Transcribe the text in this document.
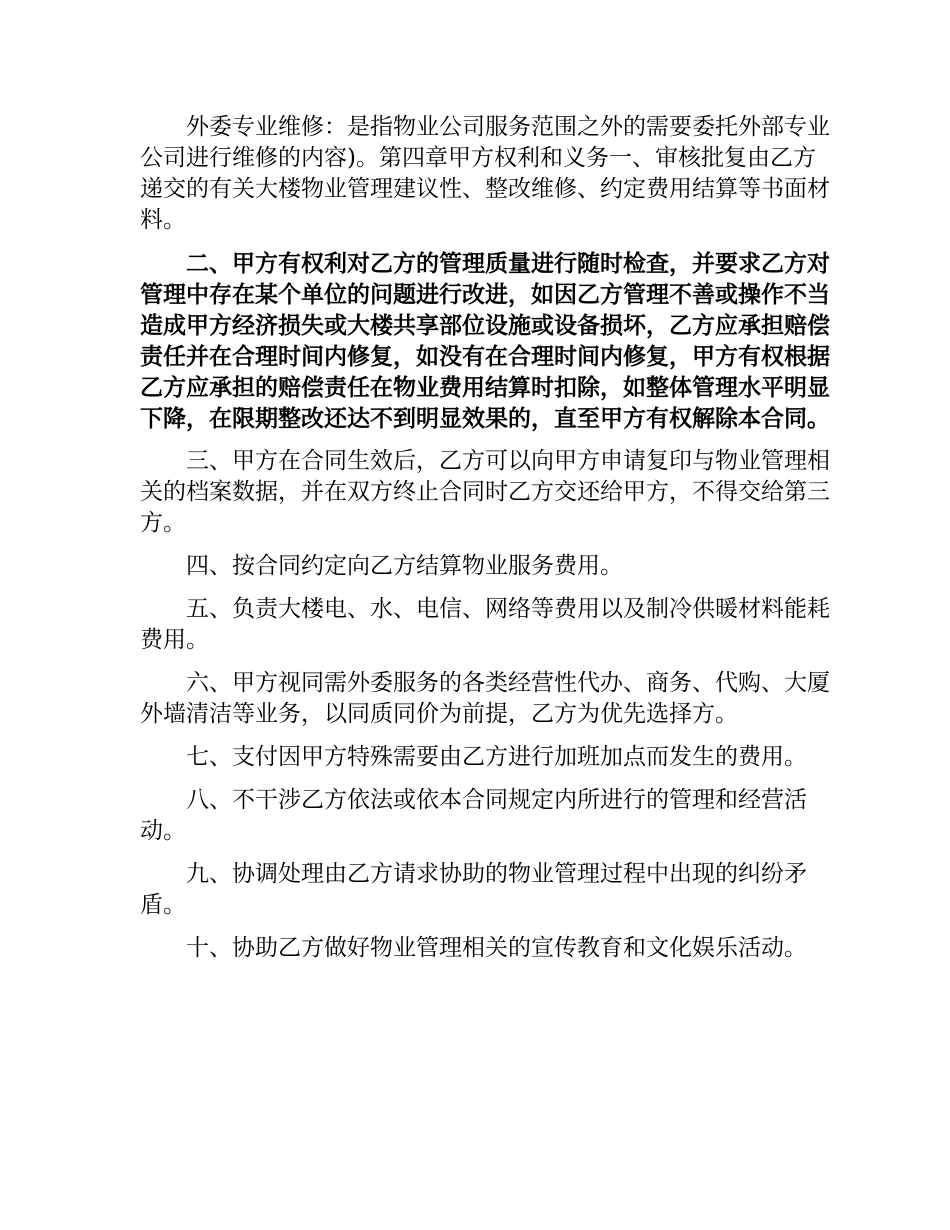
外委专业维修：是指物业公司服务范围之外的需要委托外部专业公司进行维修的内容)。第四章甲方权利和义务一、审核批复由乙方递交的有关大楼物业管理建议性、整改维修、约定费用结算等书面材料。

二、甲方有权利对乙方的管理质量进行随时检查，并要求乙方对管理中存在某个单位的问题进行改进，如因乙方管理不善或操作不当造成甲方经济损失或大楼共享部位设施或设备损坏，乙方应承担赔偿责任并在合理时间内修复，如没有在合理时间内修复，甲方有权根据乙方应承担的赔偿责任在物业费用结算时扣除，如整体管理水平明显下降，在限期整改还达不到明显效果的，直至甲方有权解除本合同。

三、甲方在合同生效后，乙方可以向甲方申请复印与物业管理相关的档案数据，并在双方终止合同时乙方交还给甲方，不得交给第三方。

四、按合同约定向乙方结算物业服务费用。

五、负责大楼电、水、电信、网络等费用以及制冷供暖材料能耗费用。

六、甲方视同需外委服务的各类经营性代办、商务、代购、大厦外墙清洁等业务，以同质同价为前提，乙方为优先选择方。

七、支付因甲方特殊需要由乙方进行加班加点而发生的费用。

八、不干涉乙方依法或依本合同规定内所进行的管理和经营活动。

九、协调处理由乙方请求协助的物业管理过程中出现的纠纷矛盾。

十、协助乙方做好物业管理相关的宣传教育和文化娱乐活动。
